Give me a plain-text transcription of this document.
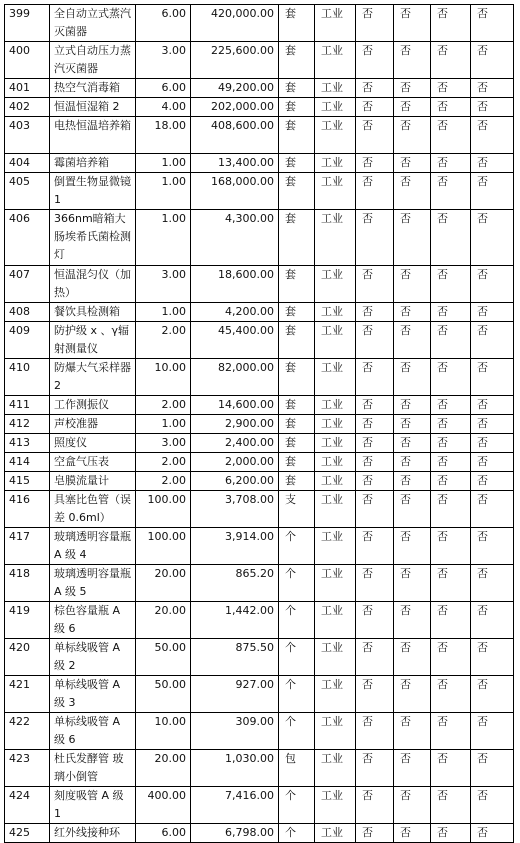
399	全自动立式蒸汽灭菌器	6.00	420,000.00	套	工业	否	否	否	否
400	立式自动压力蒸汽灭菌器	3.00	225,600.00	套	工业	否	否	否	否
401	热空气消毒箱	6.00	49,200.00	套	工业	否	否	否	否
402	恒温恒湿箱 2	4.00	202,000.00	套	工业	否	否	否	否
403	电热恒温培养箱	18.00	408,600.00	套	工业	否	否	否	否
404	霉菌培养箱	1.00	13,400.00	套	工业	否	否	否	否
405	倒置生物显微镜 1	1.00	168,000.00	套	工业	否	否	否	否
406	366nm暗箱大肠埃希氏菌检测灯	1.00	4,300.00	套	工业	否	否	否	否
407	恒温混匀仪（加热）	3.00	18,600.00	套	工业	否	否	否	否
408	餐饮具检测箱	1.00	4,200.00	套	工业	否	否	否	否
409	防护级 x 、γ辐射测量仪	2.00	45,400.00	套	工业	否	否	否	否
410	防爆大气采样器 2	10.00	82,000.00	套	工业	否	否	否	否
411	工作测振仪	2.00	14,600.00	套	工业	否	否	否	否
412	声校准器	1.00	2,900.00	套	工业	否	否	否	否
413	照度仪	3.00	2,400.00	套	工业	否	否	否	否
414	空盒气压表	2.00	2,000.00	套	工业	否	否	否	否
415	皂膜流量计	2.00	6,200.00	套	工业	否	否	否	否
416	具塞比色管（误差 0.6ml）	100.00	3,708.00	支	工业	否	否	否	否
417	玻璃透明容量瓶 A 级 4	100.00	3,914.00	个	工业	否	否	否	否
418	玻璃透明容量瓶 A 级 5	20.00	865.20	个	工业	否	否	否	否
419	棕色容量瓶 A 级 6	20.00	1,442.00	个	工业	否	否	否	否
420	单标线吸管 A 级 2	50.00	875.50	个	工业	否	否	否	否
421	单标线吸管 A 级 3	50.00	927.00	个	工业	否	否	否	否
422	单标线吸管 A 级 6	10.00	309.00	个	工业	否	否	否	否
423	杜氏发酵管 玻璃小倒管	20.00	1,030.00	包	工业	否	否	否	否
424	刻度吸管 A 级 1	400.00	7,416.00	个	工业	否	否	否	否
425	红外线接种环	6.00	6,798.00	个	工业	否	否	否	否
